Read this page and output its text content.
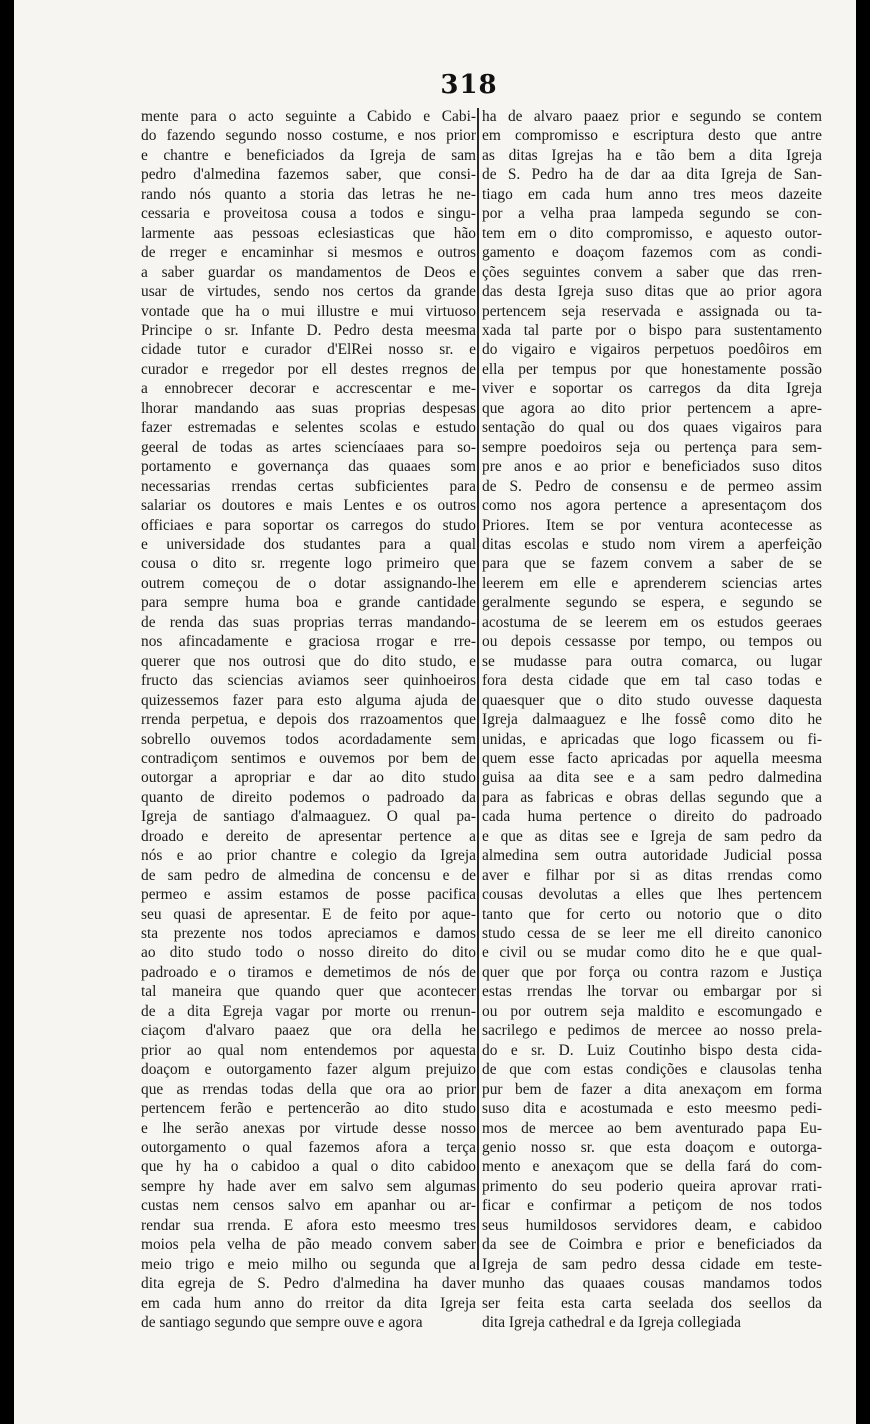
318
mente para o acto seguinte a Cabido e Cabi-
do fazendo segundo nosso costume, e nos prior
e chantre e beneficiados da Igreja de sam
pedro d'almedina fazemos saber, que consi-
rando nós quanto a storia das letras he ne-
cessaria e proveitosa cousa a todos e singu-
larmente aas pessoas eclesiasticas que hão
de rreger e encaminhar si mesmos e outros
a saber guardar os mandamentos de Deos e
usar de virtudes, sendo nos certos da grande
vontade que ha o mui illustre e mui virtuoso
Principe o sr. Infante D. Pedro desta meesma
cidade tutor e curador d'ElRei nosso sr. e
curador e rregedor por ell destes rregnos de
a ennobrecer decorar e accrescentar e me-
lhorar mandando aas suas proprias despesas
fazer estremadas e selentes scolas e estudo
geeral de todas as artes sciencíaaes para so-
portamento e governança das quaaes som
necessarias rrendas certas subficientes para
salariar os doutores e mais Lentes e os outros
officiaes e para soportar os carregos do studo
e universidade dos studantes para a qual
cousa o dito sr. rregente logo primeiro que
outrem começou de o dotar assignando-lhe
para sempre huma boa e grande cantidade
de renda das suas proprias terras mandando-
nos afincadamente e graciosa rrogar e rre-
querer que nos outrosi que do dito studo, e
fructo das sciencias aviamos seer quinhoeiros
quizessemos fazer para esto alguma ajuda de
rrenda perpetua, e depois dos rrazoamentos que
sobrello ouvemos todos acordadamente sem
contradiçom sentimos e ouvemos por bem de
outorgar a apropriar e dar ao dito studo
quanto de direito podemos o padroado da
Igreja de santiago d'almaaguez. O qual pa-
droado e dereito de apresentar pertence a
nós e ao prior chantre e colegio da Igreja
de sam pedro de almedina de concensu e de
permeo e assim estamos de posse pacifica
seu quasi de apresentar. E de feito por aque-
sta prezente nos todos apreciamos e damos
ao dito studo todo o nosso direito do dito
padroado e o tiramos e demetimos de nós de
tal maneira que quando quer que acontecer
de a dita Egreja vagar por morte ou rrenun-
ciaçom d'alvaro paaez que ora della he
prior ao qual nom entendemos por aquesta
doaçom e outorgamento fazer algum prejuizo
que as rrendas todas della que ora ao prior
pertencem ferão e pertencerão ao dito studo
e lhe serão anexas por virtude desse nosso
outorgamento o qual fazemos afora a terça
que hy ha o cabidoo a qual o dito cabidoo
sempre hy hade aver em salvo sem algumas
custas nem censos salvo em apanhar ou ar-
rendar sua rrenda. E afora esto meesmo tres
moios pela velha de pão meado convem saber
meio trigo e meio milho ou segunda que a
dita egreja de S. Pedro d'almedina ha daver
em cada hum anno do rreitor da dita Igreja
de santiago segundo que sempre ouve e agora
ha de alvaro paaez prior e segundo se contem
em compromisso e escriptura desto que antre
as ditas Igrejas ha e tão bem a dita Igreja
de S. Pedro ha de dar aa dita Igreja de San-
tiago em cada hum anno tres meos dazeite
por a velha praa lampeda segundo se con-
tem em o dito compromisso, e aquesto outor-
gamento e doaçom fazemos com as condi-
ções seguintes convem a saber que das rren-
das desta Igreja suso ditas que ao prior agora
pertencem seja reservada e assignada ou ta-
xada tal parte por o bispo para sustentamento
do vigairo e vigairos perpetuos poedôiros em
ella per tempus por que honestamente possão
viver e soportar os carregos da dita Igreja
que agora ao dito prior pertencem a apre-
sentação do qual ou dos quaes vigairos para
sempre poedoiros seja ou pertença para sem-
pre anos e ao prior e beneficiados suso ditos
de S. Pedro de consensu e de permeo assim
como nos agora pertence a apresentaçom dos
Priores. Item se por ventura acontecesse as
ditas escolas e studo nom virem a aperfeição
para que se fazem convem a saber de se
leerem em elle e aprenderem sciencias artes
geralmente segundo se espera, e segundo se
acostuma de se leerem em os estudos geeraes
ou depois cessasse por tempo, ou tempos ou
se mudasse para outra comarca, ou lugar
fora desta cidade que em tal caso todas e
quaesquer que o dito studo ouvesse daquesta
Igreja dalmaaguez e lhe fossê como dito he
unidas, e apricadas que logo ficassem ou fi-
quem esse facto apricadas por aquella meesma
guisa aa dita see e a sam pedro dalmedina
para as fabricas e obras dellas segundo que a
cada huma pertence o direito do padroado
e que as ditas see e Igreja de sam pedro da
almedina sem outra autoridade Judicial possa
aver e filhar por si as ditas rrendas como
cousas devolutas a elles que lhes pertencem
tanto que for certo ou notorio que o dito
studo cessa de se leer me ell direito canonico
e civil ou se mudar como dito he e que qual-
quer que por força ou contra razom e Justiça
estas rrendas lhe torvar ou embargar por si
ou por outrem seja maldito e escomungado e
sacrilego e pedimos de mercee ao nosso prela-
do e sr. D. Luiz Coutinho bispo desta cida-
de que com estas condições e clausolas tenha
pur bem de fazer a dita anexaçom em forma
suso dita e acostumada e esto meesmo pedi-
mos de mercee ao bem aventurado papa Eu-
genio nosso sr. que esta doaçom e outorga-
mento e anexaçom que se della fará do com-
primento do seu poderio queira aprovar rrati-
ficar e confirmar a petiçom de nos todos
seus humildosos servidores deam, e cabidoo
da see de Coimbra e prior e beneficiados da
Igreja de sam pedro dessa cidade em teste-
munho das quaaes cousas mandamos todos
ser feita esta carta seelada dos seellos da
dita Igreja cathedral e da Igreja collegiada
